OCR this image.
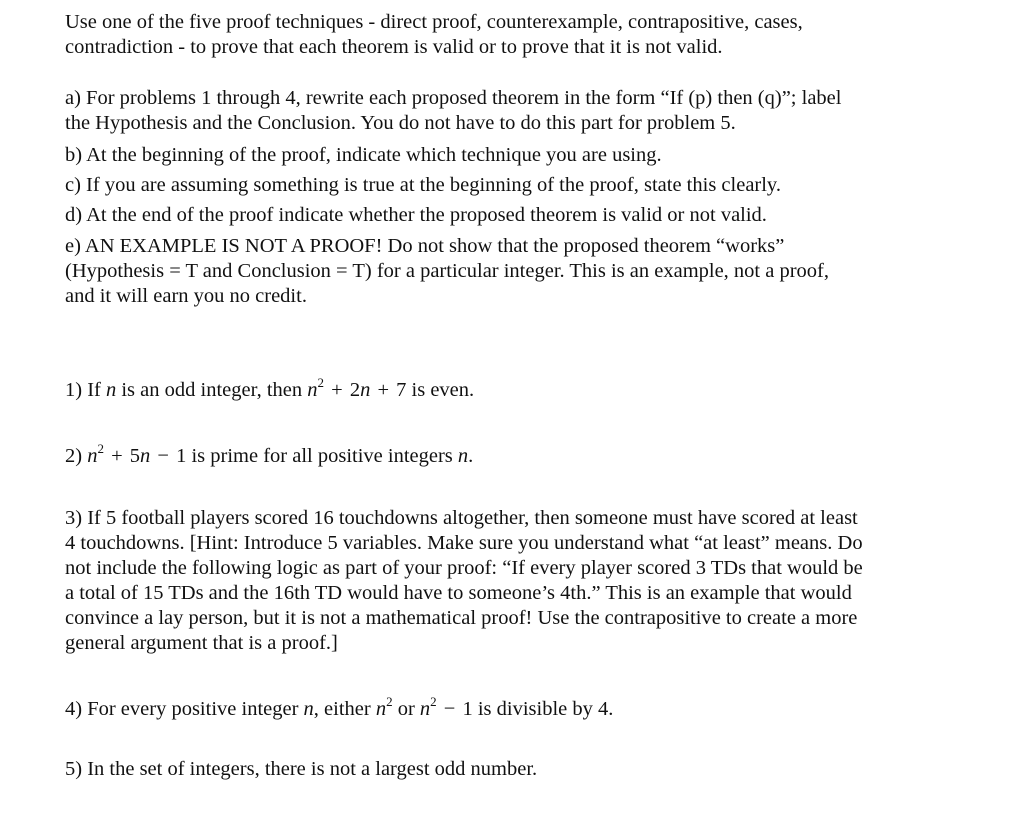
Use one of the five proof techniques - direct proof, counterexample, contrapositive, cases,
contradiction - to prove that each theorem is valid or to prove that it is not valid.
a) For problems 1 through 4, rewrite each proposed theorem in the form “If (p) then (q)”; label
the Hypothesis and the Conclusion. You do not have to do this part for problem 5.
b) At the beginning of the proof, indicate which technique you are using.
c) If you are assuming something is true at the beginning of the proof, state this clearly.
d) At the end of the proof indicate whether the proposed theorem is valid or not valid.
e) AN EXAMPLE IS NOT A PROOF! Do not show that the proposed theorem “works”
(Hypothesis = T and Conclusion = T) for a particular integer. This is an example, not a proof,
and it will earn you no credit.
1) If n is an odd integer, then $n^2 + 2n + 7$ is even.
2) $n^2 + 5n - 1$ is prime for all positive integers n.
3) If 5 football players scored 16 touchdowns altogether, then someone must have scored at least
4 touchdowns. [Hint: Introduce 5 variables. Make sure you understand what “at least” means. Do
not include the following logic as part of your proof: “If every player scored 3 TDs that would be
a total of 15 TDs and the 16th TD would have to someone’s 4th.” This is an example that would
convince a lay person, but it is not a mathematical proof! Use the contrapositive to create a more
general argument that is a proof.]
4) For every positive integer n, either $n^2$ or $n^2 - 1$ is divisible by 4.
5) In the set of integers, there is not a largest odd number.
